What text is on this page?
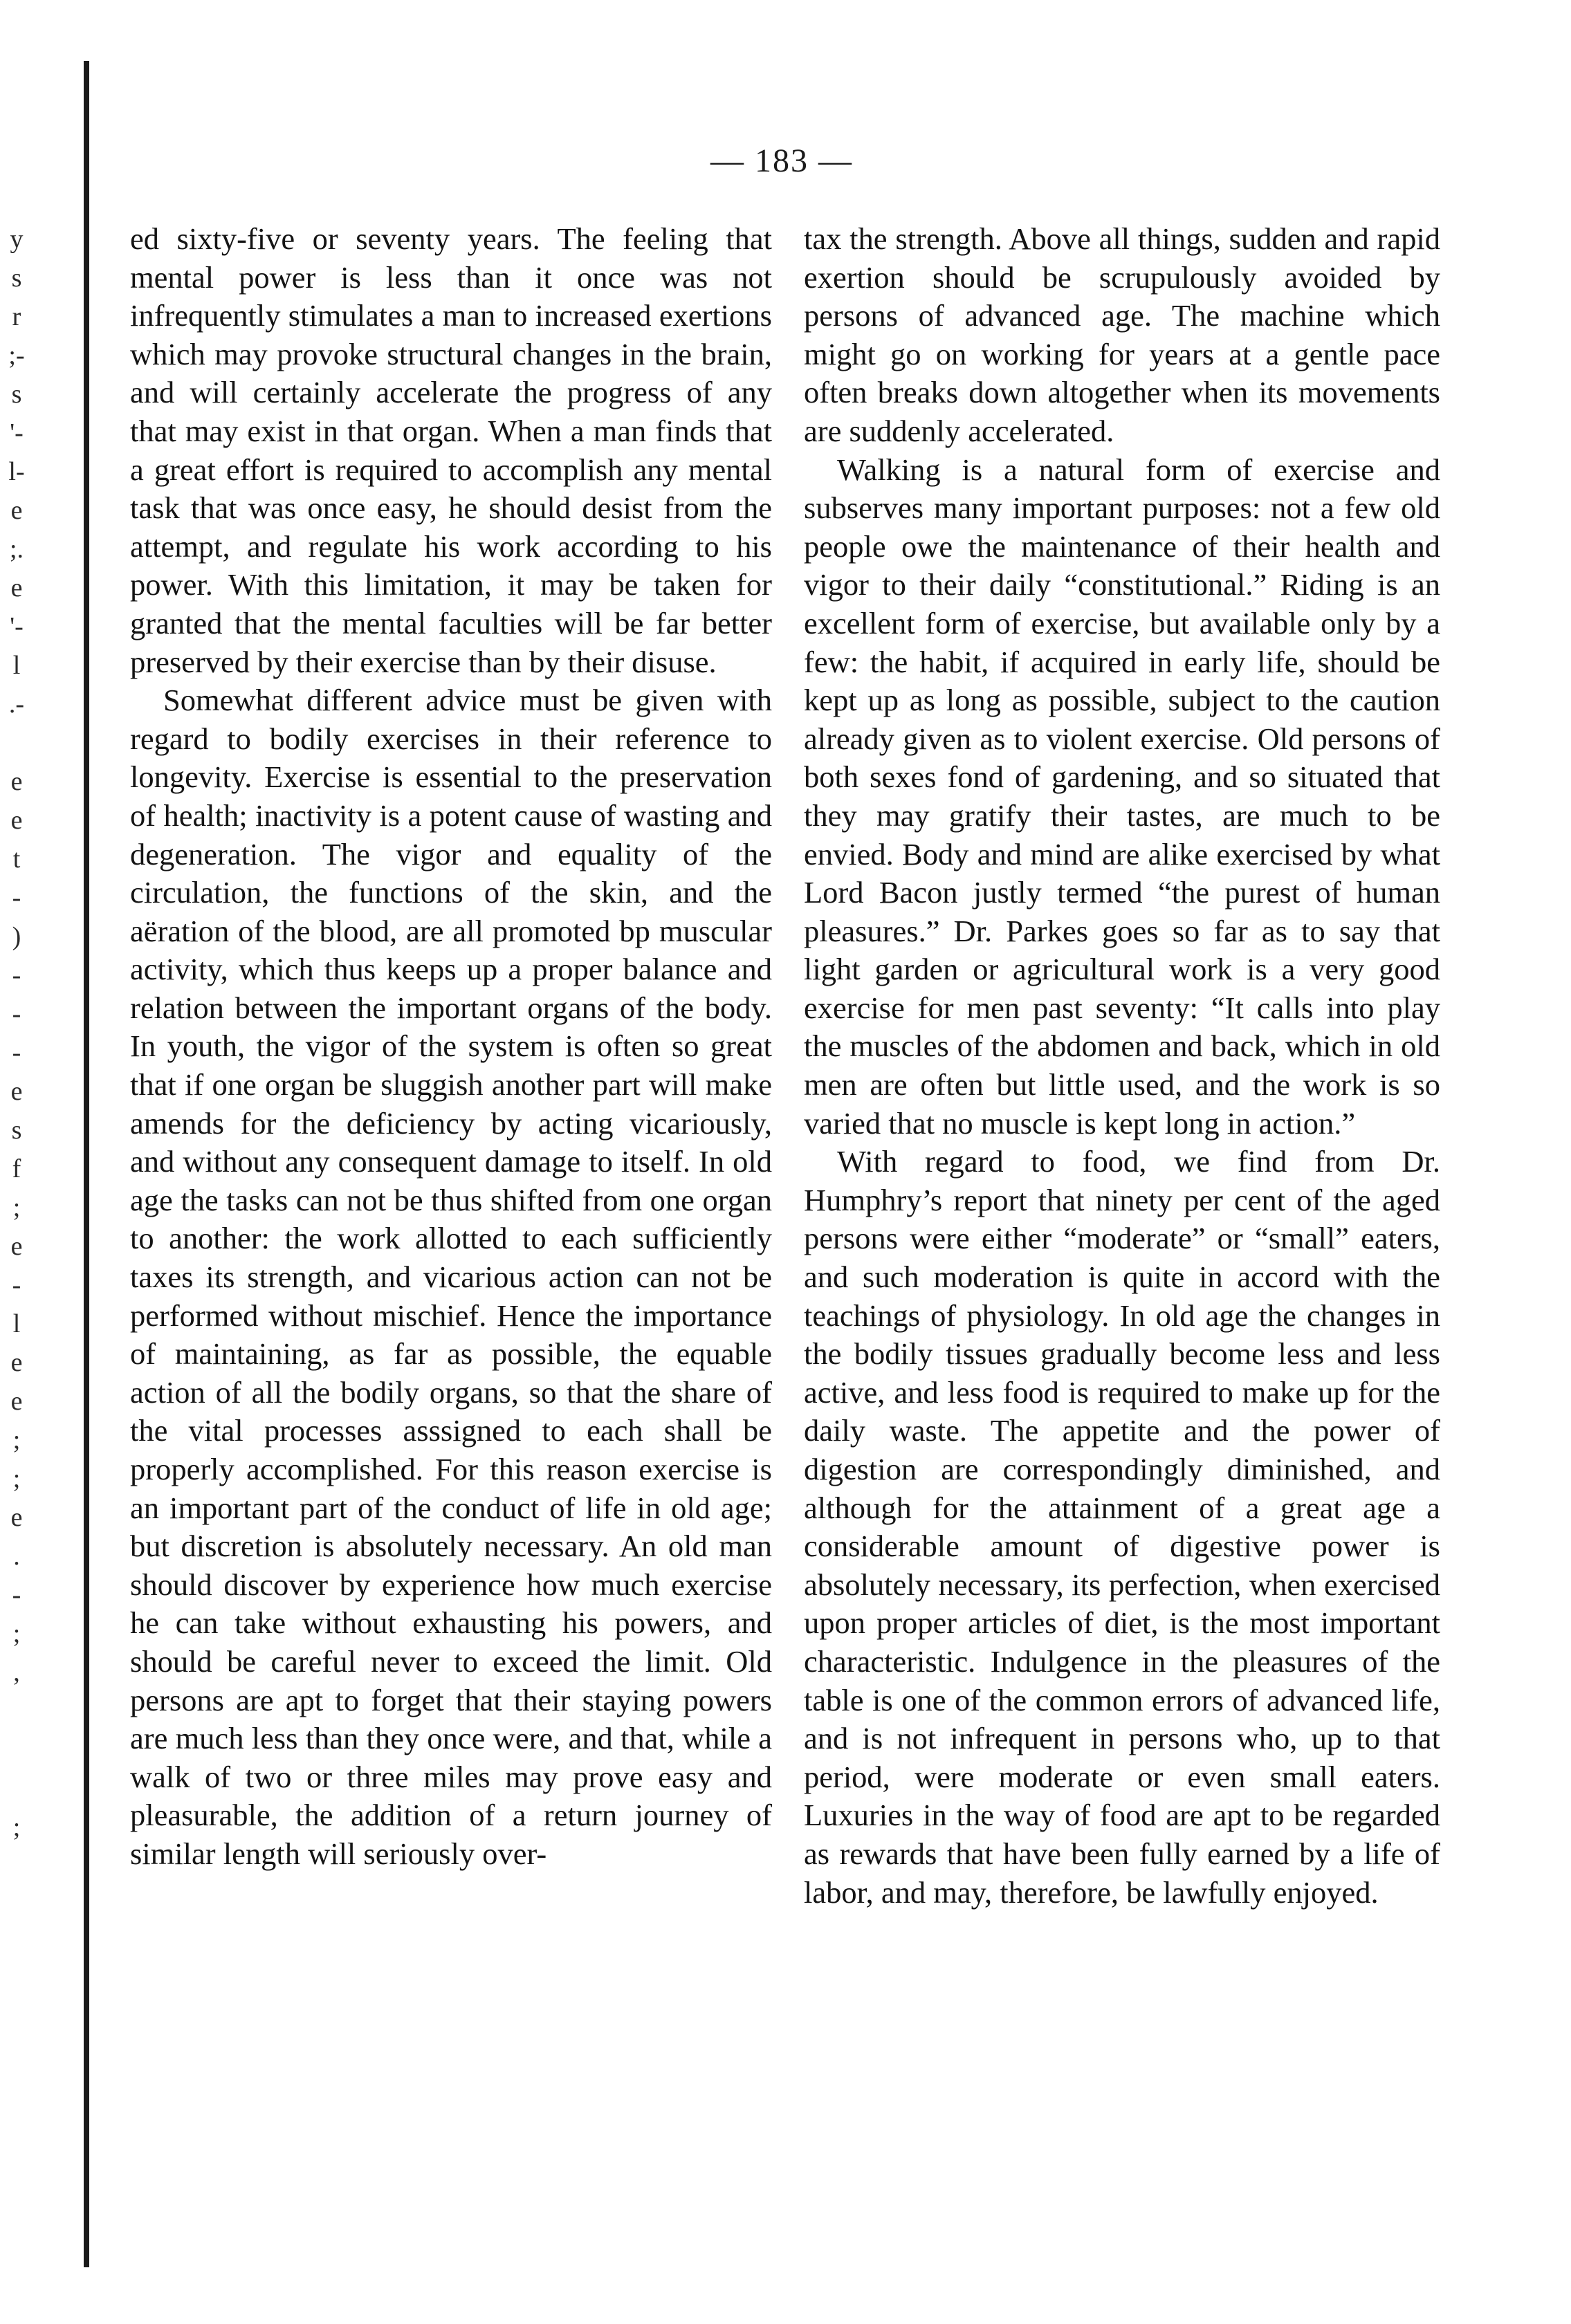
y
s
r
;-
s
'-
l-
e
;.
e
'-
l
.-
e
e
t
-
)
-
-
-
e
s
f
;
e
-
l
e
e
;
;
e
.
-
;
,
;
— 183 —

ed sixty-five or seventy years. The feeling that mental power is less than it once was not infrequently stimulates a man to increased exertions which may provoke structural changes in the brain, and will certainly accelerate the progress of any that may exist in that organ. When a man finds that a great effort is required to accomplish any mental task that was once easy, he should desist from the attempt, and regulate his work according to his power. With this limitation, it may be taken for granted that the mental faculties will be far better preserved by their exercise than by their disuse.

Somewhat different advice must be given with regard to bodily exercises in their reference to longevity. Exercise is essential to the preservation of health; inactivity is a potent cause of wasting and degeneration. The vigor and equality of the circulation, the functions of the skin, and the aëration of the blood, are all promoted bp muscular activity, which thus keeps up a proper balance and relation between the important organs of the body. In youth, the vigor of the system is often so great that if one organ be sluggish another part will make amends for the deficiency by acting vicariously, and without any consequent damage to itself. In old age the tasks can not be thus shifted from one organ to another: the work allotted to each sufficiently taxes its strength, and vicarious action can not be performed without mischief. Hence the importance of maintaining, as far as possible, the equable action of all the bodily organs, so that the share of the vital processes asssigned to each shall be properly accomplished. For this reason exercise is an important part of the conduct of life in old age; but discretion is absolutely necessary. An old man should discover by experience how much exercise he can take without exhausting his powers, and should be careful never to exceed the limit. Old persons are apt to forget that their staying powers are much less than they once were, and that, while a walk of two or three miles may prove easy and pleasurable, the addition of a return journey of similar length will seriously over-

tax the strength. Above all things, sudden and rapid exertion should be scrupulously avoided by persons of advanced age. The machine which might go on working for years at a gentle pace often breaks down altogether when its movements are suddenly accelerated.

Walking is a natural form of exercise and subserves many important purposes: not a few old people owe the maintenance of their health and vigor to their daily “constitutional.” Riding is an excellent form of exercise, but available only by a few: the habit, if acquired in early life, should be kept up as long as possible, subject to the caution already given as to violent exercise. Old persons of both sexes fond of gardening, and so situated that they may gratify their tastes, are much to be envied. Body and mind are alike exercised by what Lord Bacon justly termed “the purest of human pleasures.” Dr. Parkes goes so far as to say that light garden or agricultural work is a very good exercise for men past seventy: “It calls into play the muscles of the abdomen and back, which in old men are often but little used, and the work is so varied that no muscle is kept long in action.”

With regard to food, we find from Dr. Humphry’s report that ninety per cent of the aged persons were either “moderate” or “small” eaters, and such moderation is quite in accord with the teachings of physiology. In old age the changes in the bodily tissues gradually become less and less active, and less food is required to make up for the daily waste. The appetite and the power of digestion are correspondingly diminished, and although for the attainment of a great age a considerable amount of digestive power is absolutely necessary, its perfection, when exercised upon proper articles of diet, is the most important characteristic. Indulgence in the pleasures of the table is one of the common errors of advanced life, and is not infrequent in persons who, up to that period, were moderate or even small eaters. Luxuries in the way of food are apt to be regarded as rewards that have been fully earned by a life of labor, and may, therefore, be lawfully enjoyed.
